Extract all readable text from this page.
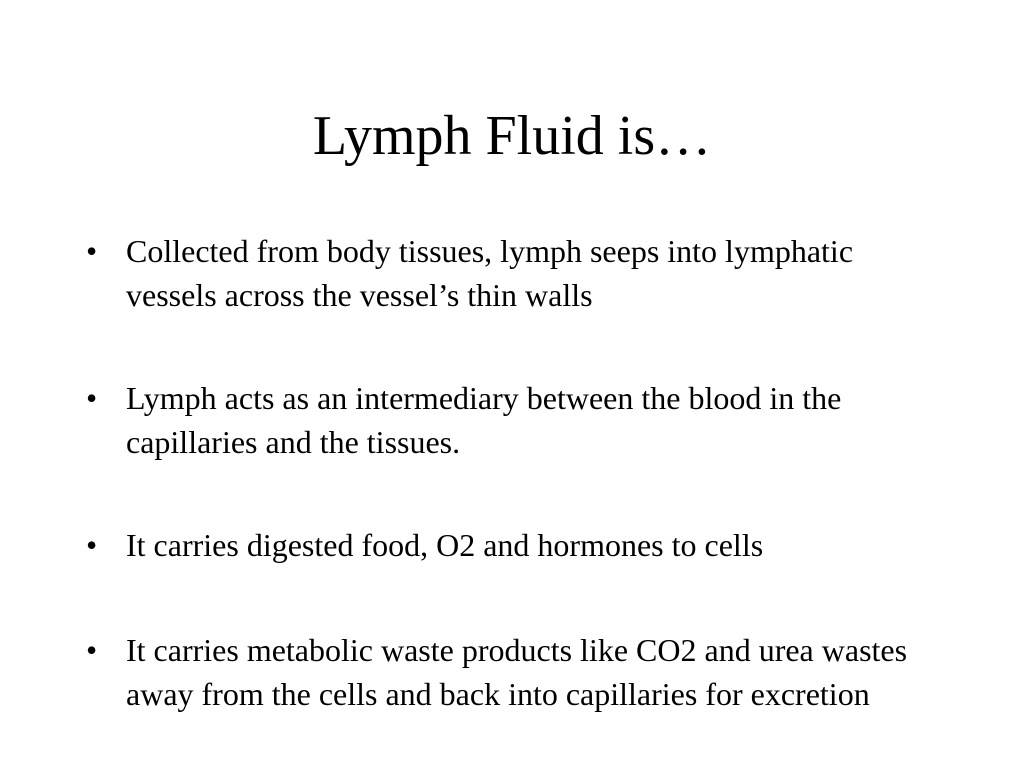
Lymph Fluid is…
• Collected from body tissues, lymph seeps into lymphatic vessels across the vessel’s thin walls
• Lymph acts as an intermediary between the blood in the capillaries and the tissues.
• It carries digested food, O2 and hormones to cells
• It carries metabolic waste products like CO2 and urea wastes away from the cells and back into capillaries for excretion
